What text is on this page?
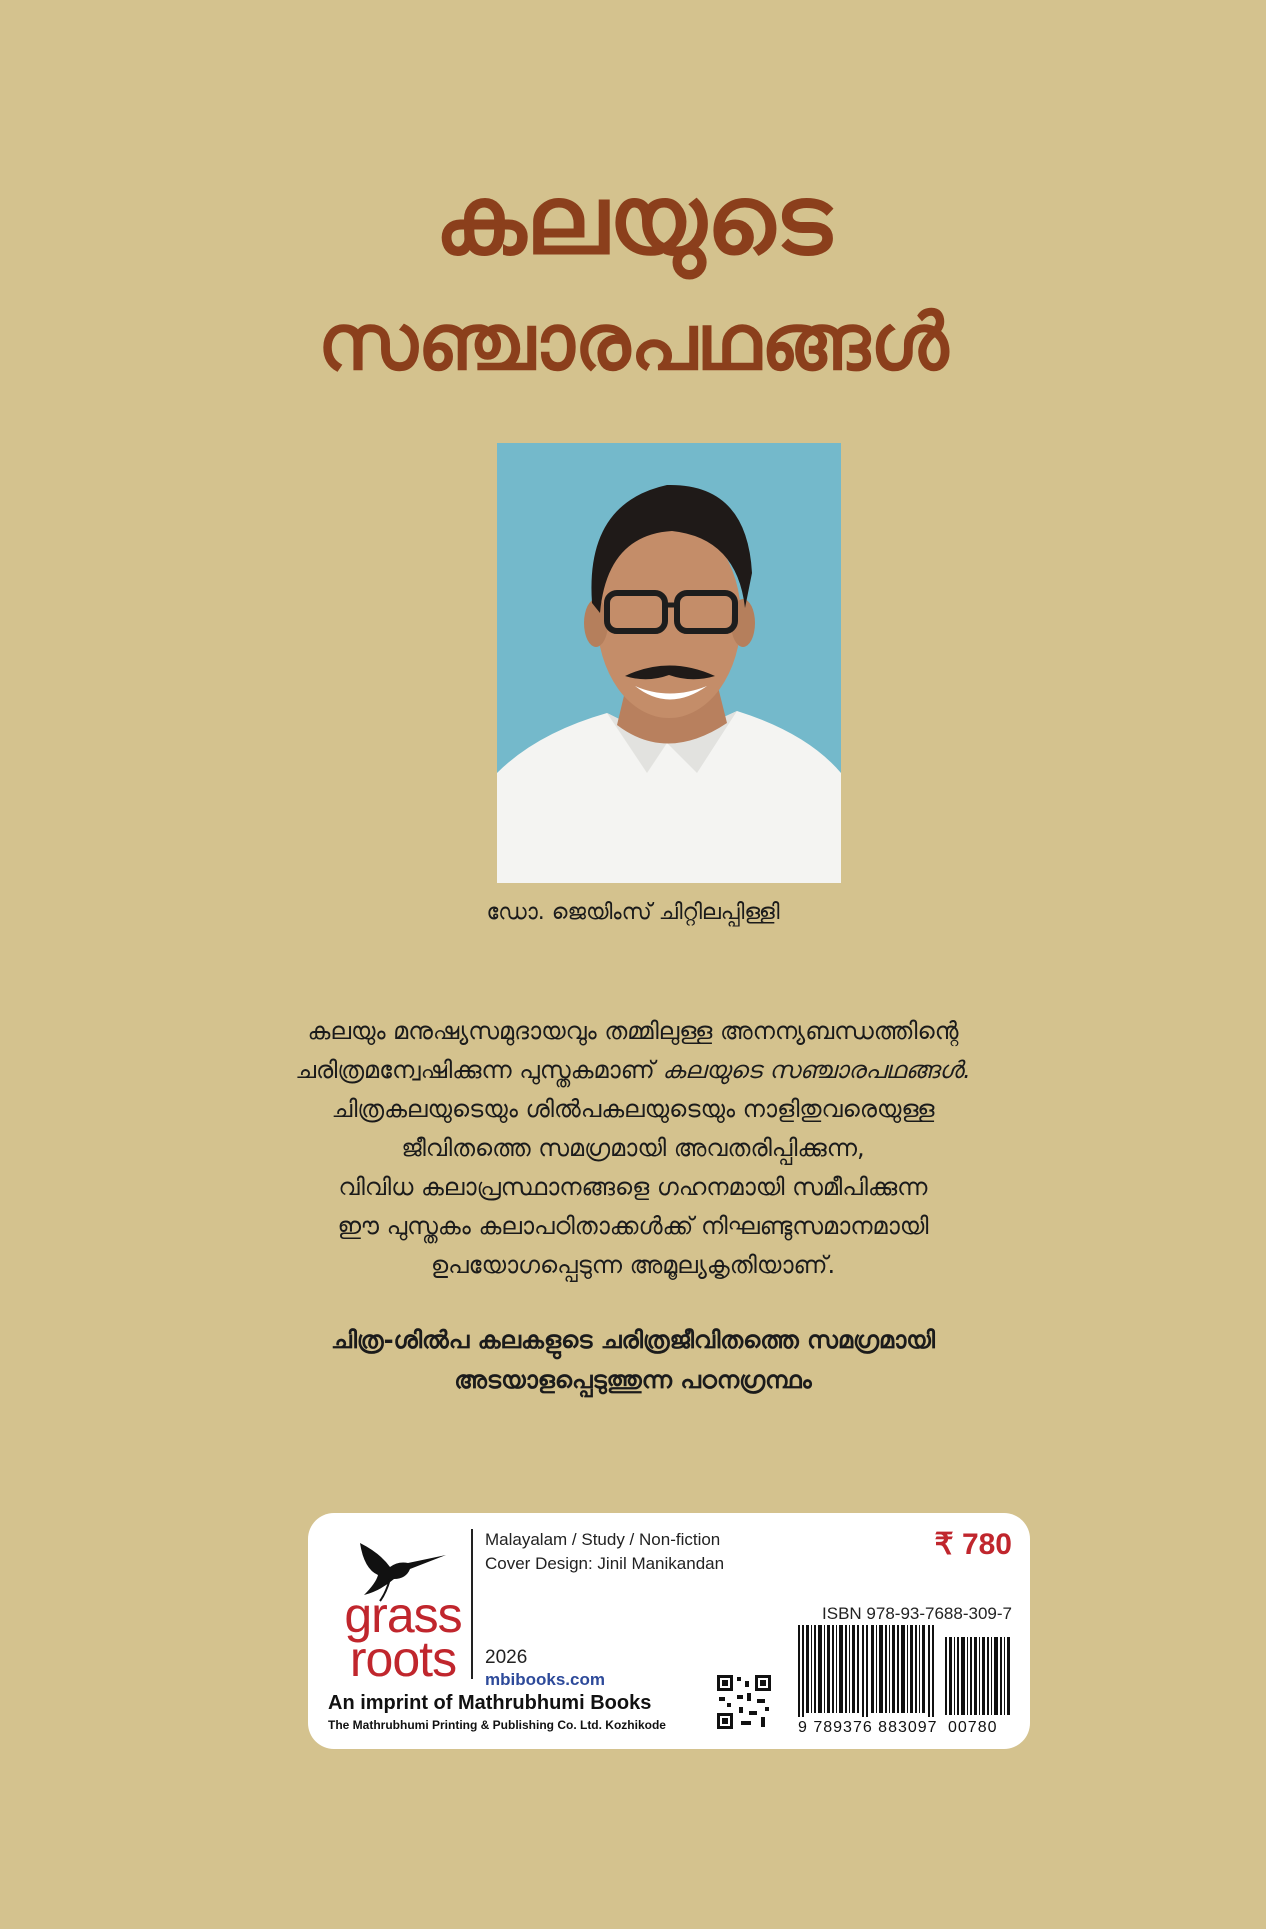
കലയുടെ
സഞ്ചാരപഥങ്ങൾ
ഡോ. ജെയിംസ് ചിറ്റിലപ്പിള്ളി
കലയും മനുഷ്യസമുദായവും തമ്മിലുള്ള അനന്യബന്ധത്തിന്റെ
ചരിത്രമന്വേഷിക്കുന്ന പുസ്തകമാണ് കലയുടെ സഞ്ചാരപഥങ്ങൾ.
ചിത്രകലയുടെയും ശിൽപകലയുടെയും നാളിതുവരെയുള്ള
ജീവിതത്തെ സമഗ്രമായി അവതരിപ്പിക്കുന്ന,
വിവിധ കലാപ്രസ്ഥാനങ്ങളെ ഗഹനമായി സമീപിക്കുന്ന
ഈ പുസ്തകം കലാപഠിതാക്കൾക്ക് നിഘണ്ടുസമാനമായി
ഉപയോഗപ്പെടുന്ന അമൂല്യകൃതിയാണ്.
ചിത്ര-ശിൽപ കലകളുടെ ചരിത്രജീവിതത്തെ സമഗ്രമായി
അടയാളപ്പെടുത്തുന്ന പഠനഗ്രന്ഥം
grass
roots
Malayalam / Study / Non-fiction
Cover Design: Jinil Manikandan
2026
mbibooks.com
An imprint of Mathrubhumi Books
The Mathrubhumi Printing & Publishing Co. Ltd. Kozhikode
₹ 780
ISBN 978-93-7688-309-7
9 789376 883097 00780
